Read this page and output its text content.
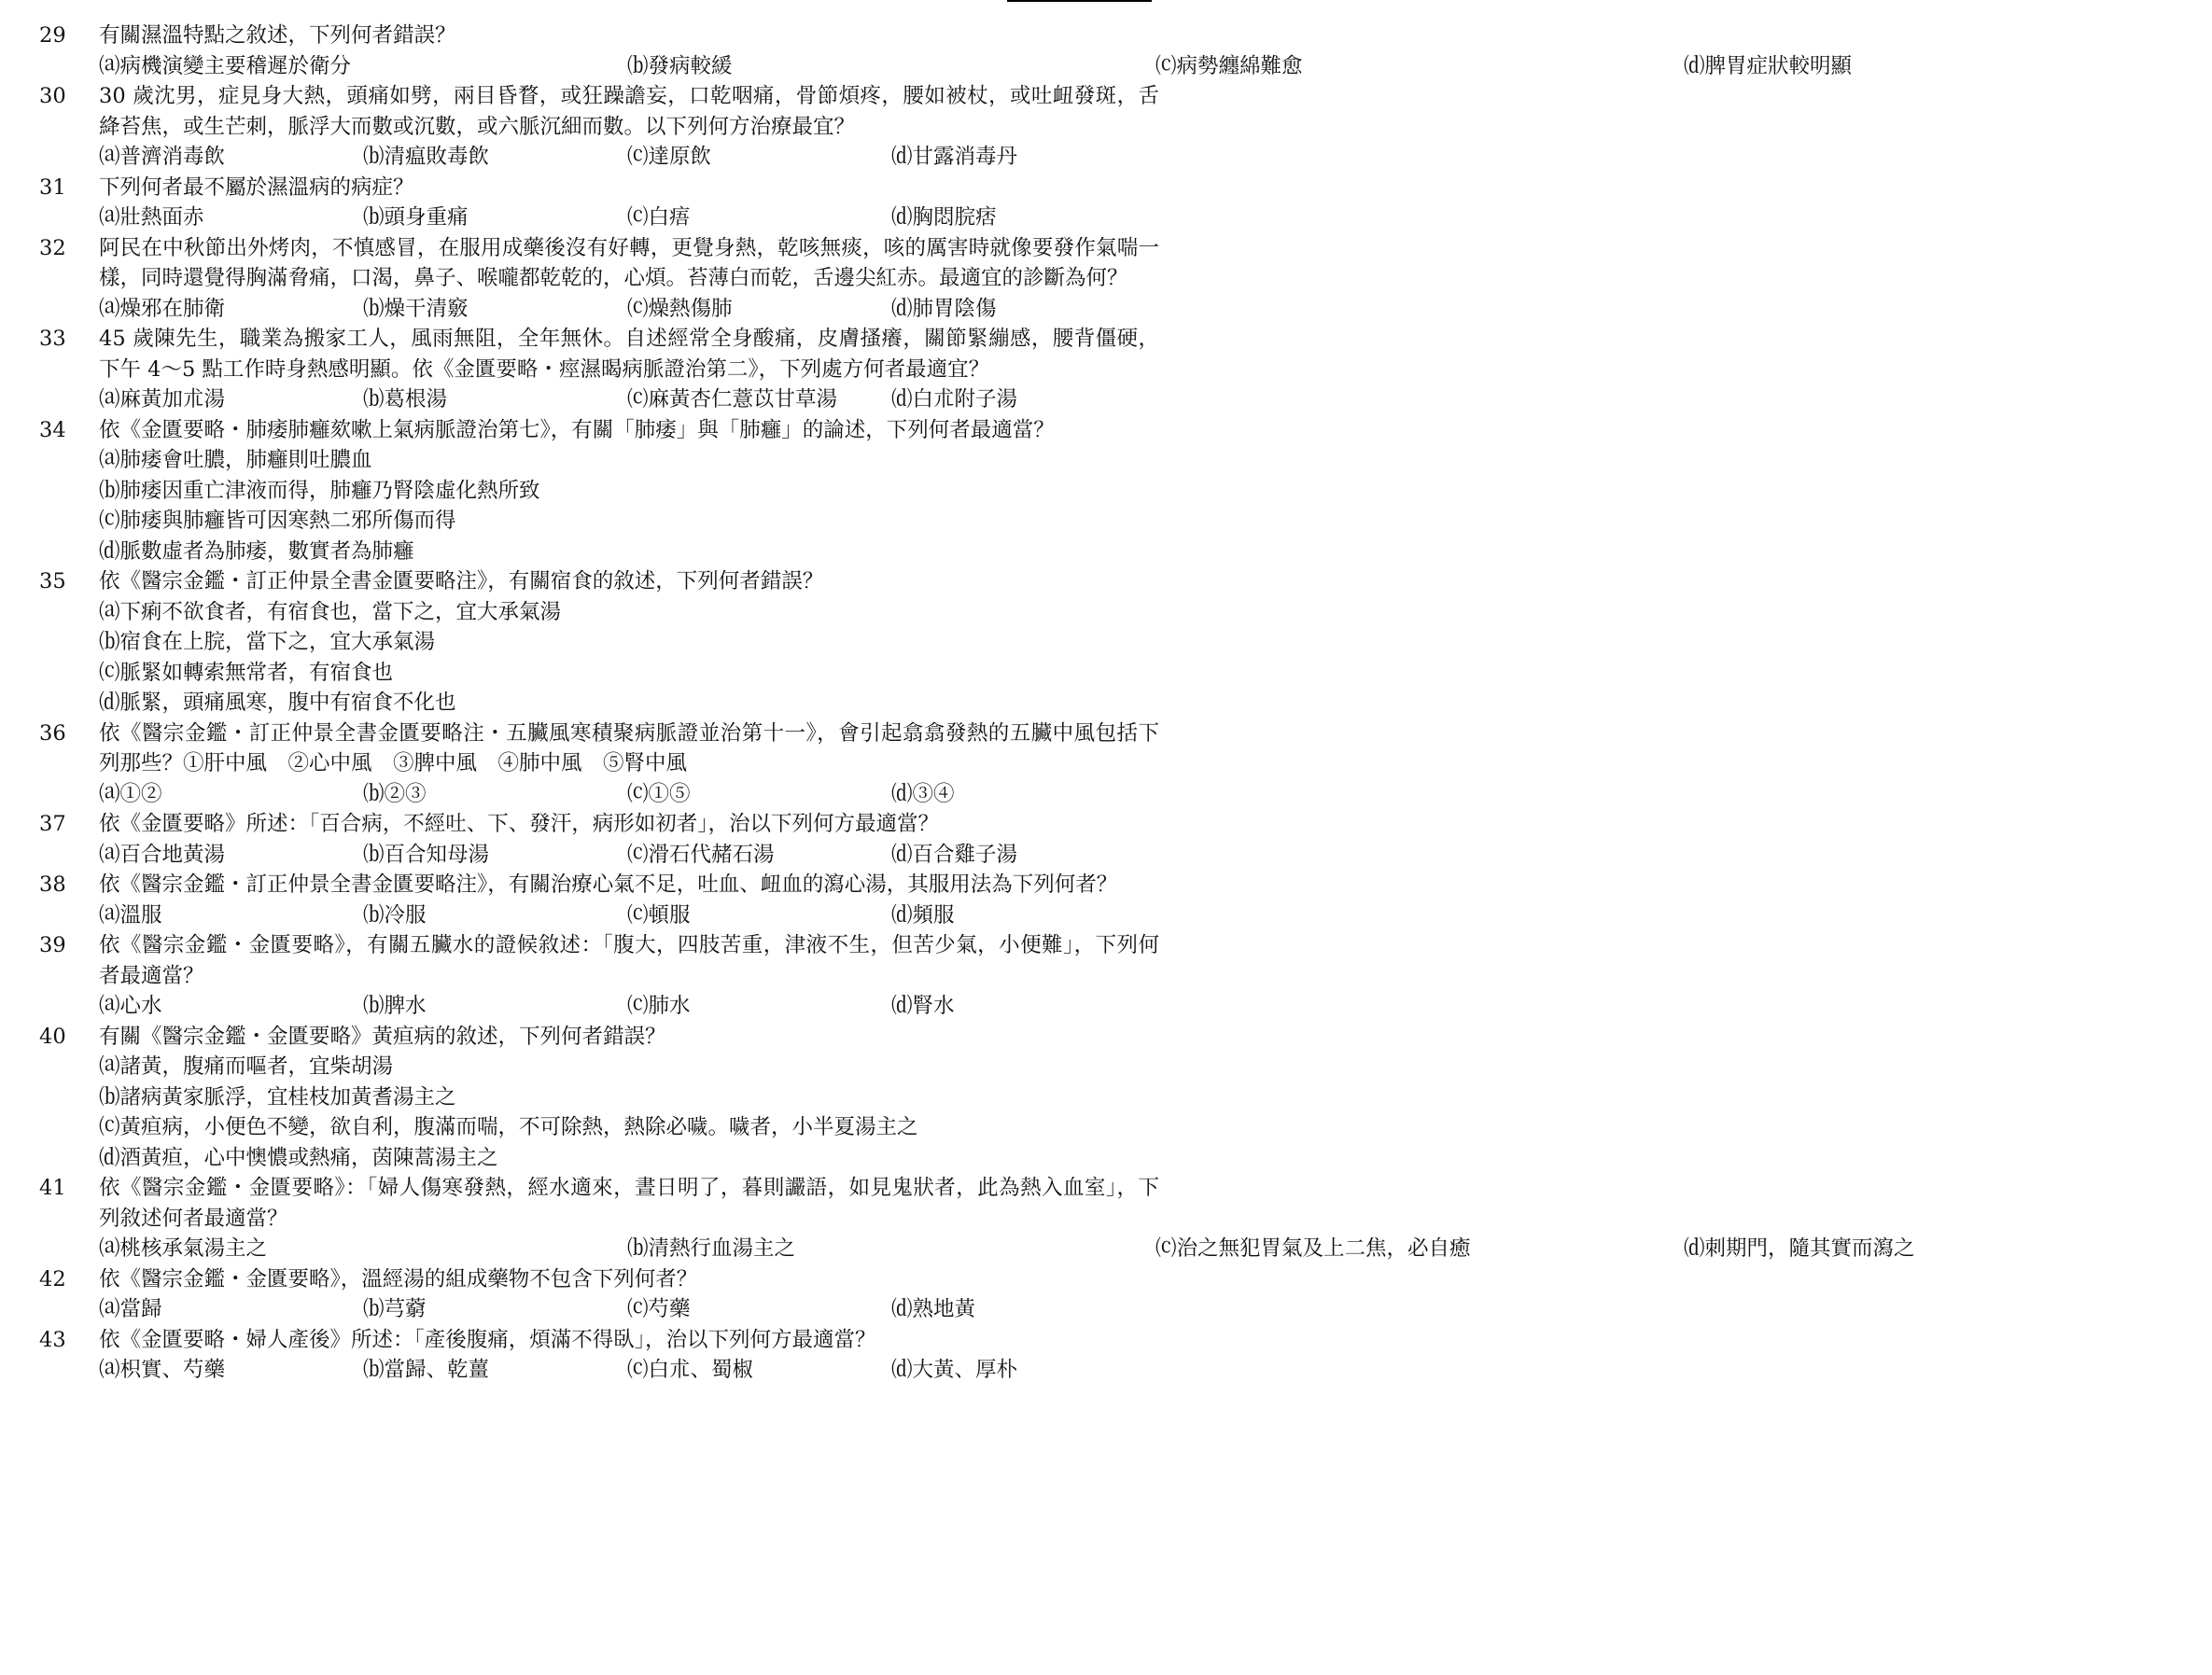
29	有關濕溫特點之敘述，下列何者錯誤？
⒜病機演變主要稽遲於衛分	⒝發病較緩	⒞病勢纏綿難愈	⒟脾胃症狀較明顯
30	30 歲沈男，症見身大熱，頭痛如劈，兩目昏瞀，或狂躁譫妄，口乾咽痛，骨節煩疼，腰如被杖，或吐衄發斑，舌絳苔焦，或生芒刺，脈浮大而數或沉數，或六脈沉細而數。以下列何方治療最宜？
⒜普濟消毒飲	⒝清瘟敗毒飲	⒞達原飲	⒟甘露消毒丹
31	下列何者最不屬於濕溫病的病症？
⒜壯熱面赤	⒝頭身重痛	⒞白痦	⒟胸悶脘痞
32	阿民在中秋節出外烤肉，不慎感冒，在服用成藥後沒有好轉，更覺身熱，乾咳無痰，咳的厲害時就像要發作氣喘一樣，同時還覺得胸滿脅痛，口渴，鼻子、喉嚨都乾乾的，心煩。苔薄白而乾，舌邊尖紅赤。最適宜的診斷為何？
⒜燥邪在肺衛	⒝燥干清竅	⒞燥熱傷肺	⒟肺胃陰傷
33	45 歲陳先生，職業為搬家工人，風雨無阻，全年無休。自述經常全身酸痛，皮膚搔癢，關節緊繃感，腰背僵硬，下午 4～5 點工作時身熱感明顯。依《金匱要略・痙濕暍病脈證治第二》，下列處方何者最適宜？
⒜麻黃加朮湯	⒝葛根湯	⒞麻黃杏仁薏苡甘草湯	⒟白朮附子湯
34	依《金匱要略・肺痿肺癰欬嗽上氣病脈證治第七》，有關「肺痿」與「肺癰」的論述，下列何者最適當？
⒜肺痿會吐膿，肺癰則吐膿血
⒝肺痿因重亡津液而得，肺癰乃腎陰虛化熱所致
⒞肺痿與肺癰皆可因寒熱二邪所傷而得
⒟脈數虛者為肺痿，數實者為肺癰
35	依《醫宗金鑑・訂正仲景全書金匱要略注》，有關宿食的敘述，下列何者錯誤？
⒜下痢不欲食者，有宿食也，當下之，宜大承氣湯
⒝宿食在上脘，當下之，宜大承氣湯
⒞脈緊如轉索無常者，有宿食也
⒟脈緊，頭痛風寒，腹中有宿食不化也
36	依《醫宗金鑑・訂正仲景全書金匱要略注・五臟風寒積聚病脈證並治第十一》，會引起翕翕發熱的五臟中風包括下列那些？①肝中風　②心中風　③脾中風　④肺中風　⑤腎中風
⒜①②	⒝②③	⒞①⑤	⒟③④
37	依《金匱要略》所述：「百合病，不經吐、下、發汗，病形如初者」，治以下列何方最適當？
⒜百合地黃湯	⒝百合知母湯	⒞滑石代赭石湯	⒟百合雞子湯
38	依《醫宗金鑑・訂正仲景全書金匱要略注》，有關治療心氣不足，吐血、衄血的瀉心湯，其服用法為下列何者？
⒜溫服	⒝冷服	⒞頓服	⒟頻服
39	依《醫宗金鑑・金匱要略》，有關五臟水的證候敘述：「腹大，四肢苦重，津液不生，但苦少氣，小便難」，下列何者最適當？
⒜心水	⒝脾水	⒞肺水	⒟腎水
40	有關《醫宗金鑑・金匱要略》黃疸病的敘述，下列何者錯誤？
⒜諸黃，腹痛而嘔者，宜柴胡湯
⒝諸病黃家脈浮，宜桂枝加黃耆湯主之
⒞黃疸病，小便色不變，欲自利，腹滿而喘，不可除熱，熱除必噦。噦者，小半夏湯主之
⒟酒黃疸，心中懊憹或熱痛，茵陳蒿湯主之
41	依《醫宗金鑑・金匱要略》：「婦人傷寒發熱，經水適來，晝日明了，暮則讝語，如見鬼狀者，此為熱入血室」，下列敘述何者最適當？
⒜桃核承氣湯主之	⒝清熱行血湯主之	⒞治之無犯胃氣及上二焦，必自癒	⒟刺期門，隨其實而瀉之
42	依《醫宗金鑑・金匱要略》，溫經湯的組成藥物不包含下列何者？
⒜當歸	⒝芎藭	⒞芍藥	⒟熟地黃
43	依《金匱要略・婦人產後》所述：「產後腹痛，煩滿不得臥」，治以下列何方最適當？
⒜枳實、芍藥	⒝當歸、乾薑	⒞白朮、蜀椒	⒟大黃、厚朴
